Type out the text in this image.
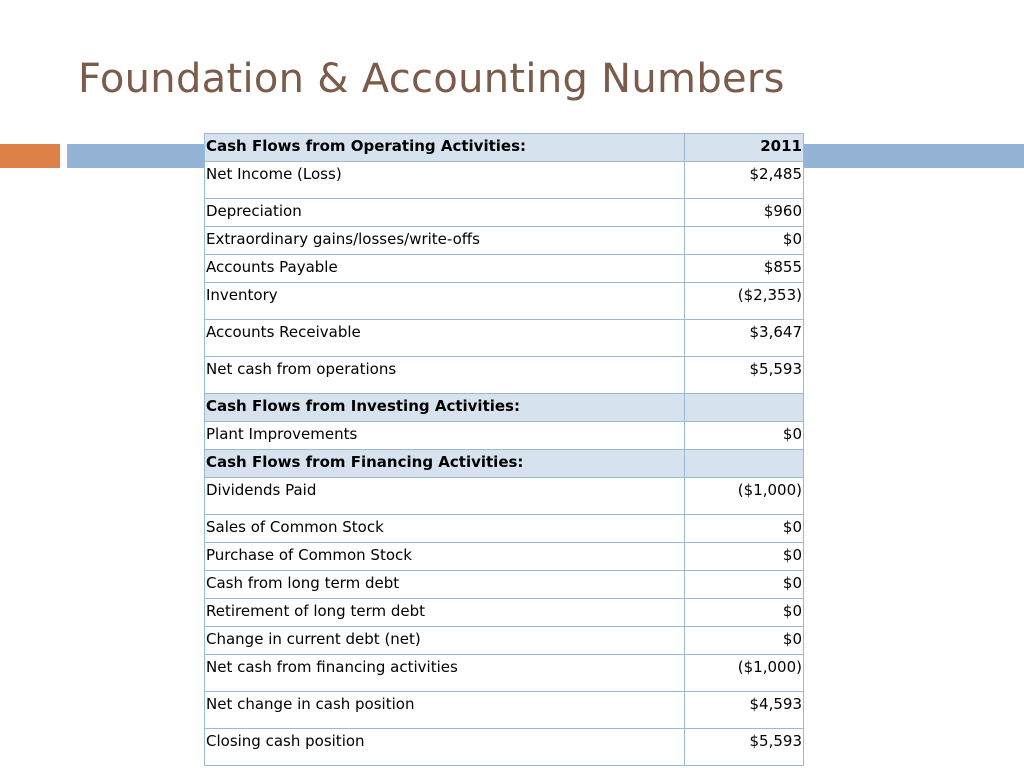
Foundation & Accounting Numbers
Cash Flows from Operating Activities:	2011
Net Income (Loss)	$2,485
Depreciation	$960
Extraordinary gains/losses/write-offs	$0
Accounts Payable	$855
Inventory	($2,353)
Accounts Receivable	$3,647
Net cash from operations	$5,593
Cash Flows from Investing Activities:	
Plant Improvements	$0
Cash Flows from Financing Activities:	
Dividends Paid	($1,000)
Sales of Common Stock	$0
Purchase of Common Stock	$0
Cash from long term debt	$0
Retirement of long term debt	$0
Change in current debt (net)	$0
Net cash from financing activities	($1,000)
Net change in cash position	$4,593
Closing cash position	$5,593
